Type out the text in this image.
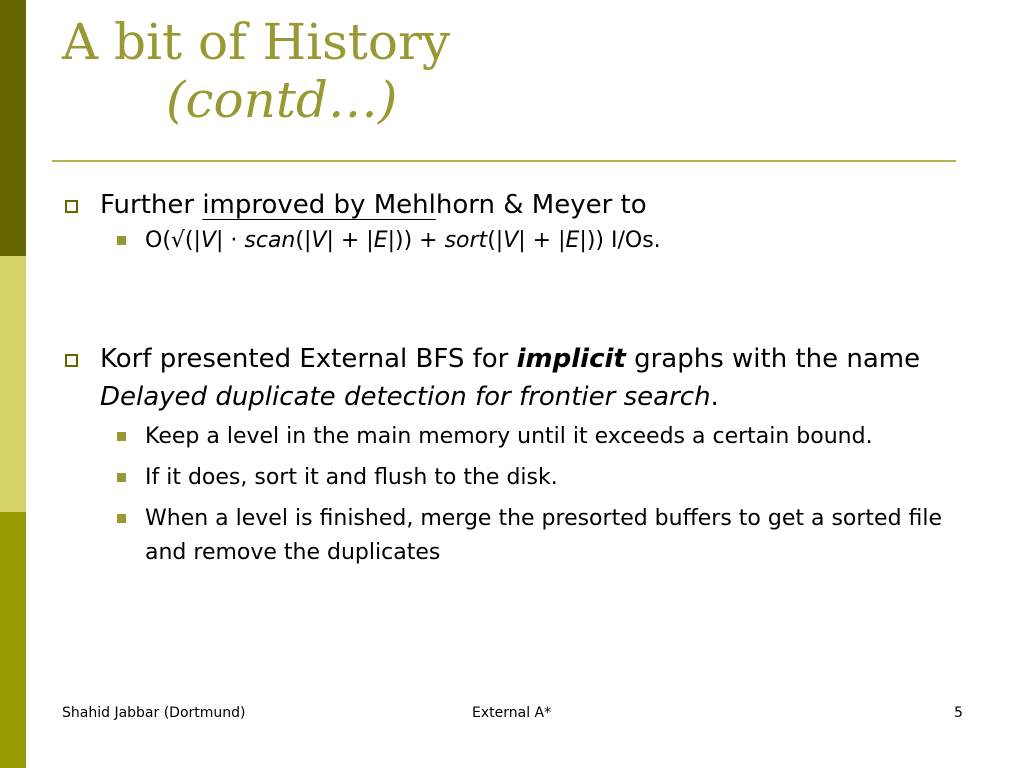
A bit of History
(contd…)
Further improved by Mehlhorn & Meyer to
O(√(|V| · scan(|V| + |E|)) + sort(|V| + |E|)) I/Os.
Korf presented External BFS for implicit graphs with the name Delayed duplicate detection for frontier search.
Keep a level in the main memory until it exceeds a certain bound.
If it does, sort it and flush to the disk.
When a level is finished, merge the presorted buffers to get a sorted file and remove the duplicates
Shahid Jabbar (Dortmund)	External A*	5
